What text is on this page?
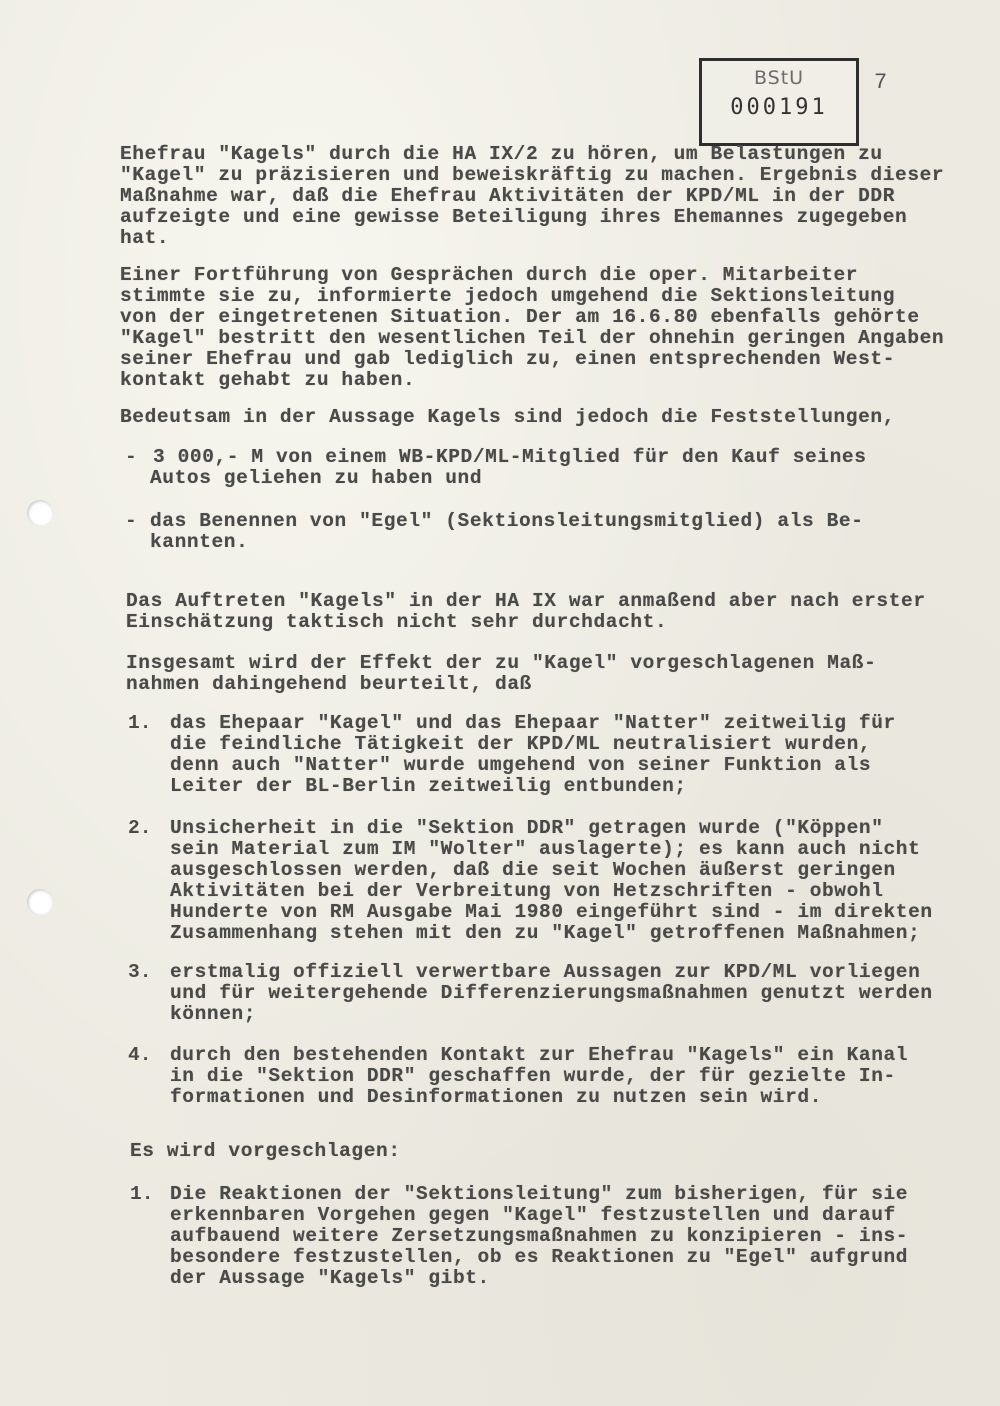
BStU
000191
7
Ehefrau "Kagels" durch die HA IX/2 zu hören, um Belastungen zu
"Kagel" zu präzisieren und beweiskräftig zu machen. Ergebnis dieser
Maßnahme war, daß die Ehefrau Aktivitäten der KPD/ML in der DDR
aufzeigte und eine gewisse Beteiligung ihres Ehemannes zugegeben
hat.
Einer Fortführung von Gesprächen durch die oper. Mitarbeiter
stimmte sie zu, informierte jedoch umgehend die Sektionsleitung
von der eingetretenen Situation. Der am 16.6.80 ebenfalls gehörte
"Kagel" bestritt den wesentlichen Teil der ohnehin geringen Angaben
seiner Ehefrau und gab lediglich zu, einen entsprechenden West-
kontakt gehabt zu haben.
Bedeutsam in der Aussage Kagels sind jedoch die Feststellungen,
- 3 000,- M von einem WB-KPD/ML-Mitglied für den Kauf seines
Autos geliehen zu haben und
- das Benennen von "Egel" (Sektionsleitungsmitglied) als Be-
kannten.
Das Auftreten "Kagels" in der HA IX war anmaßend aber nach erster
Einschätzung taktisch nicht sehr durchdacht.
Insgesamt wird der Effekt der zu "Kagel" vorgeschlagenen Maß-
nahmen dahingehend beurteilt, daß
1. das Ehepaar "Kagel" und das Ehepaar "Natter" zeitweilig für
die feindliche Tätigkeit der KPD/ML neutralisiert wurden,
denn auch "Natter" wurde umgehend von seiner Funktion als
Leiter der BL-Berlin zeitweilig entbunden;
2. Unsicherheit in die "Sektion DDR" getragen wurde ("Köppen"
sein Material zum IM "Wolter" auslagerte); es kann auch nicht
ausgeschlossen werden, daß die seit Wochen äußerst geringen
Aktivitäten bei der Verbreitung von Hetzschriften - obwohl
Hunderte von RM Ausgabe Mai 1980 eingeführt sind - im direkten
Zusammenhang stehen mit den zu "Kagel" getroffenen Maßnahmen;
3. erstmalig offiziell verwertbare Aussagen zur KPD/ML vorliegen
und für weitergehende Differenzierungsmaßnahmen genutzt werden
können;
4. durch den bestehenden Kontakt zur Ehefrau "Kagels" ein Kanal
in die "Sektion DDR" geschaffen wurde, der für gezielte In-
formationen und Desinformationen zu nutzen sein wird.
Es wird vorgeschlagen:
1. Die Reaktionen der "Sektionsleitung" zum bisherigen, für sie
erkennbaren Vorgehen gegen "Kagel" festzustellen und darauf
aufbauend weitere Zersetzungsmaßnahmen zu konzipieren - ins-
besondere festzustellen, ob es Reaktionen zu "Egel" aufgrund
der Aussage "Kagels" gibt.
